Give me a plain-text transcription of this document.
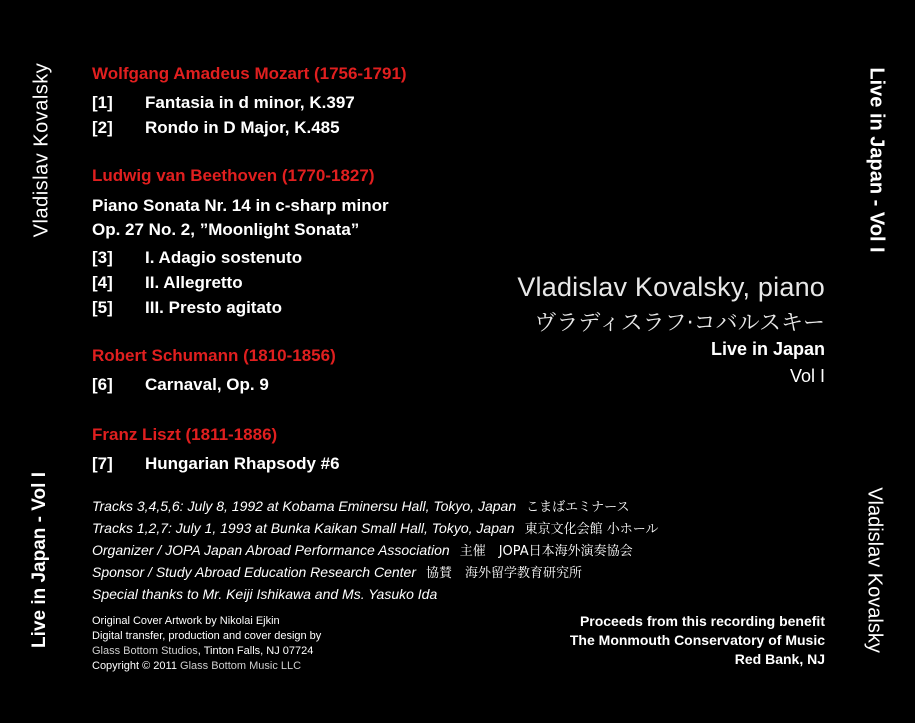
Vladislav Kovalsky
Live in Japan - Vol I
Live in Japan - Vol I
Vladislav Kovalsky
Wolfgang Amadeus Mozart (1756-1791)
[1] Fantasia in d minor, K.397
[2] Rondo in D Major, K.485
Ludwig van Beethoven (1770-1827)
Piano Sonata Nr. 14 in c-sharp minor
Op. 27 No. 2, ”Moonlight Sonata”
[3] I. Adagio sostenuto
[4] II. Allegretto
[5] III. Presto agitato
Robert Schumann (1810-1856)
[6] Carnaval, Op. 9
Franz Liszt (1811-1886)
[7] Hungarian Rhapsody #6
Vladislav Kovalsky, piano
ヴラディスラフ·コバルスキー
Live in Japan
Vol I
Tracks 3,4,5,6: July 8, 1992 at Kobama Eminersu Hall, Tokyo, Japan こまばエミナース
Tracks 1,2,7: July 1, 1993 at Bunka Kaikan Small Hall, Tokyo, Japan 東京文化会館 小ホール
Organizer / JOPA Japan Abroad Performance Association 主催　JOPA日本海外演奏協会
Sponsor / Study Abroad Education Research Center 協賛　海外留学教育研究所
Special thanks to Mr. Keiji Ishikawa and Ms. Yasuko Ida
Original Cover Artwork by Nikolai Ejkin
Digital transfer, production and cover design by
Glass Bottom Studios, Tinton Falls, NJ 07724
Copyright © 2011 Glass Bottom Music LLC
Proceeds from this recording benefit
The Monmouth Conservatory of Music
Red Bank, NJ
